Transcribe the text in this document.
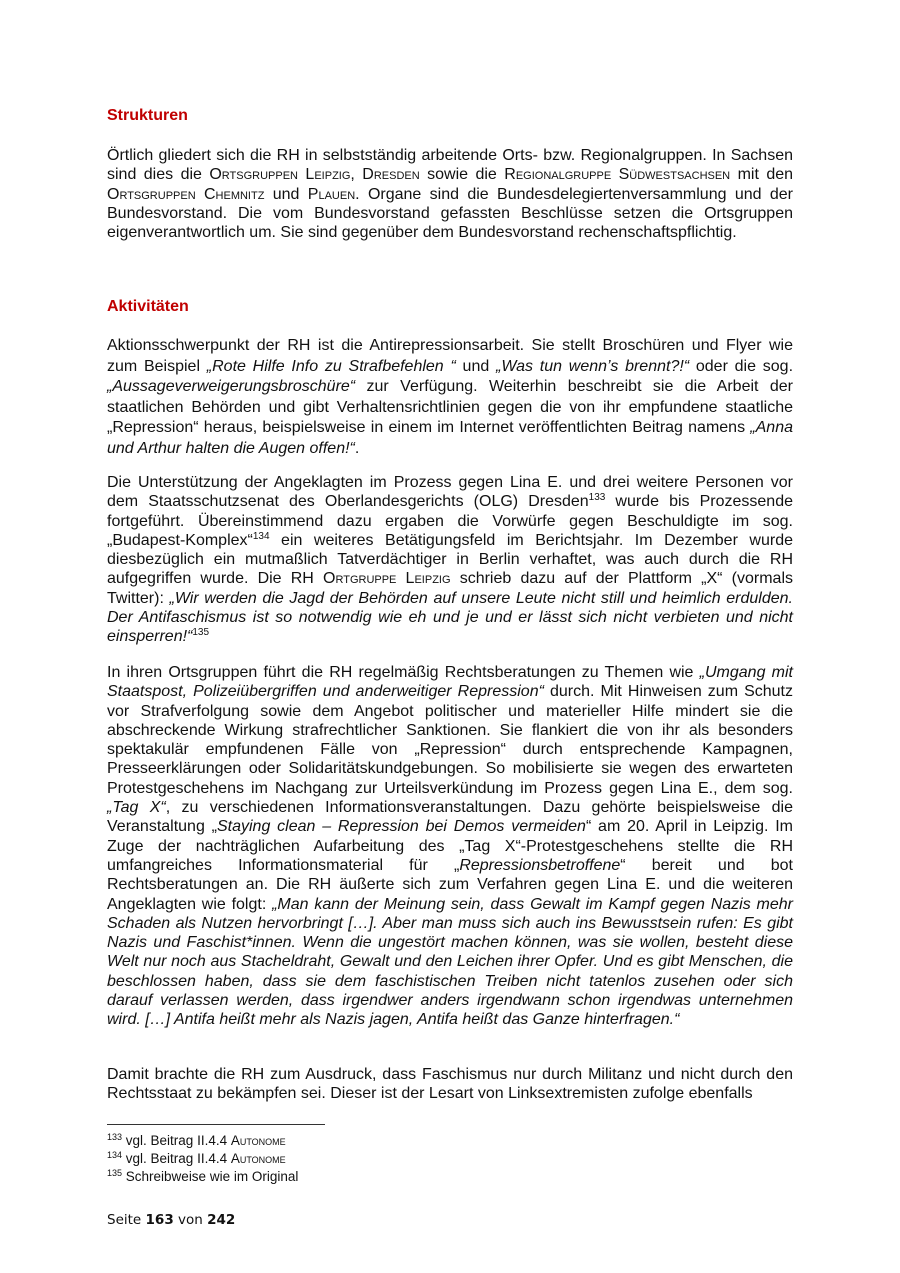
Strukturen

Örtlich gliedert sich die RH in selbstständig arbeitende Orts- bzw. Regionalgruppen. In Sachsen sind dies die Ortsgruppen Leipzig, Dresden sowie die Regionalgruppe Südwestsachsen mit den Ortsgruppen Chemnitz und Plauen. Organe sind die Bundesdelegiertenversammlung und der Bundesvorstand. Die vom Bundesvorstand gefassten Beschlüsse setzen die Ortsgruppen eigenverantwortlich um. Sie sind gegenüber dem Bundesvorstand rechenschaftspflichtig.

Aktivitäten

Aktionsschwerpunkt der RH ist die Antirepressionsarbeit. Sie stellt Broschüren und Flyer wie zum Beispiel „Rote Hilfe Info zu Strafbefehlen “ und „Was tun wenn’s brennt?!“ oder die sog. „Aussageverweigerungsbroschüre“ zur Verfügung. Weiterhin beschreibt sie die Arbeit der staatlichen Behörden und gibt Verhaltensrichtlinien gegen die von ihr empfundene staatliche „Repression“ heraus, beispielsweise in einem im Internet veröffentlichten Beitrag namens „Anna und Arthur halten die Augen offen!“.

Die Unterstützung der Angeklagten im Prozess gegen Lina E. und drei weitere Personen vor dem Staatsschutzsenat des Oberlandesgerichts (OLG) Dresden$^{133}$ wurde bis Prozessende fortgeführt. Übereinstimmend dazu ergaben die Vorwürfe gegen Beschuldigte im sog. „Budapest-Komplex“$^{134}$ ein weiteres Betätigungsfeld im Berichtsjahr. Im Dezember wurde diesbezüglich ein mutmaßlich Tatverdächtiger in Berlin verhaftet, was auch durch die RH aufgegriffen wurde. Die RH Ortgruppe Leipzig schrieb dazu auf der Plattform „X“ (vormals Twitter): „Wir werden die Jagd der Behörden auf unsere Leute nicht still und heimlich erdulden. Der Antifaschismus ist so notwendig wie eh und je und er lässt sich nicht verbieten und nicht einsperren!“$^{135}$

In ihren Ortsgruppen führt die RH regelmäßig Rechtsberatungen zu Themen wie „Umgang mit Staatspost, Polizeiübergriffen und anderweitiger Repression“ durch. Mit Hinweisen zum Schutz vor Strafverfolgung sowie dem Angebot politischer und materieller Hilfe mindert sie die abschreckende Wirkung strafrechtlicher Sanktionen. Sie flankiert die von ihr als besonders spektakulär empfundenen Fälle von „Repression“ durch entsprechende Kampagnen, Presseerklärungen oder Solidaritätskundgebungen. So mobilisierte sie wegen des erwarteten Protestgeschehens im Nachgang zur Urteilsverkündung im Prozess gegen Lina E., dem sog. „Tag X“, zu verschiedenen Informationsveranstaltungen. Dazu gehörte beispielsweise die Veranstaltung „Staying clean – Repression bei Demos vermeiden“ am 20. April in Leipzig. Im Zuge der nachträglichen Aufarbeitung des „Tag X“-Protestgeschehens stellte die RH umfangreiches Informationsmaterial für „Repressionsbetroffene“ bereit und bot Rechtsberatungen an. Die RH äußerte sich zum Verfahren gegen Lina E. und die weiteren Angeklagten wie folgt: „Man kann der Meinung sein, dass Gewalt im Kampf gegen Nazis mehr Schaden als Nutzen hervorbringt […]. Aber man muss sich auch ins Bewusstsein rufen: Es gibt Nazis und Faschist*innen. Wenn die ungestört machen können, was sie wollen, besteht diese Welt nur noch aus Stacheldraht, Gewalt und den Leichen ihrer Opfer. Und es gibt Menschen, die beschlossen haben, dass sie dem faschistischen Treiben nicht tatenlos zusehen oder sich darauf verlassen werden, dass irgendwer anders irgendwann schon irgendwas unternehmen wird. […] Antifa heißt mehr als Nazis jagen, Antifa heißt das Ganze hinterfragen.“

Damit brachte die RH zum Ausdruck, dass Faschismus nur durch Militanz und nicht durch den Rechtsstaat zu bekämpfen sei. Dieser ist der Lesart von Linksextremisten zufolge ebenfalls

$^{133}$ vgl. Beitrag II.4.4 Autonome

$^{134}$ vgl. Beitrag II.4.4 Autonome

$^{135}$ Schreibweise wie im Original

Seite 163 von 242
